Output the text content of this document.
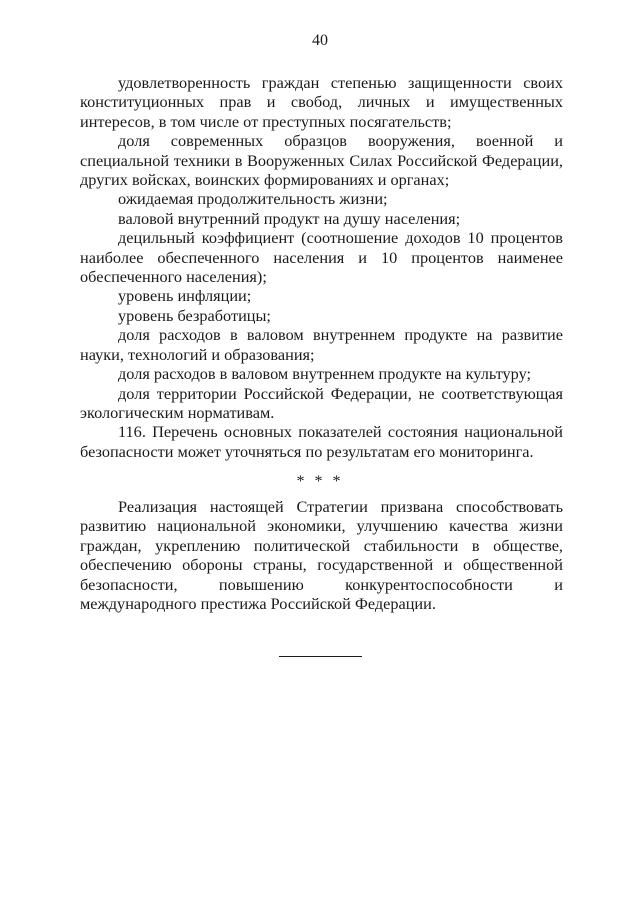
40

удовлетворенность граждан степенью защищенности своих конституционных прав и свобод, личных и имущественных интересов, в том числе от преступных посягательств;

доля современных образцов вооружения, военной и специальной техники в Вооруженных Силах Российской Федерации, других войсках, воинских формированиях и органах;

ожидаемая продолжительность жизни;

валовой внутренний продукт на душу населения;

децильный коэффициент (соотношение доходов 10 процентов наиболее обеспеченного населения и 10 процентов наименее обеспеченного населения);

уровень инфляции;

уровень безработицы;

доля расходов в валовом внутреннем продукте на развитие науки, технологий и образования;

доля расходов в валовом внутреннем продукте на культуру;

доля территории Российской Федерации, не соответствующая экологическим нормативам.

116. Перечень основных показателей состояния национальной безопасности может уточняться по результатам его мониторинга.

* * *

Реализация настоящей Стратегии призвана способствовать развитию национальной экономики, улучшению качества жизни граждан, укреплению политической стабильности в обществе, обеспечению обороны страны, государственной и общественной безопасности, повышению конкурентоспособности и международного престижа Российской Федерации.
